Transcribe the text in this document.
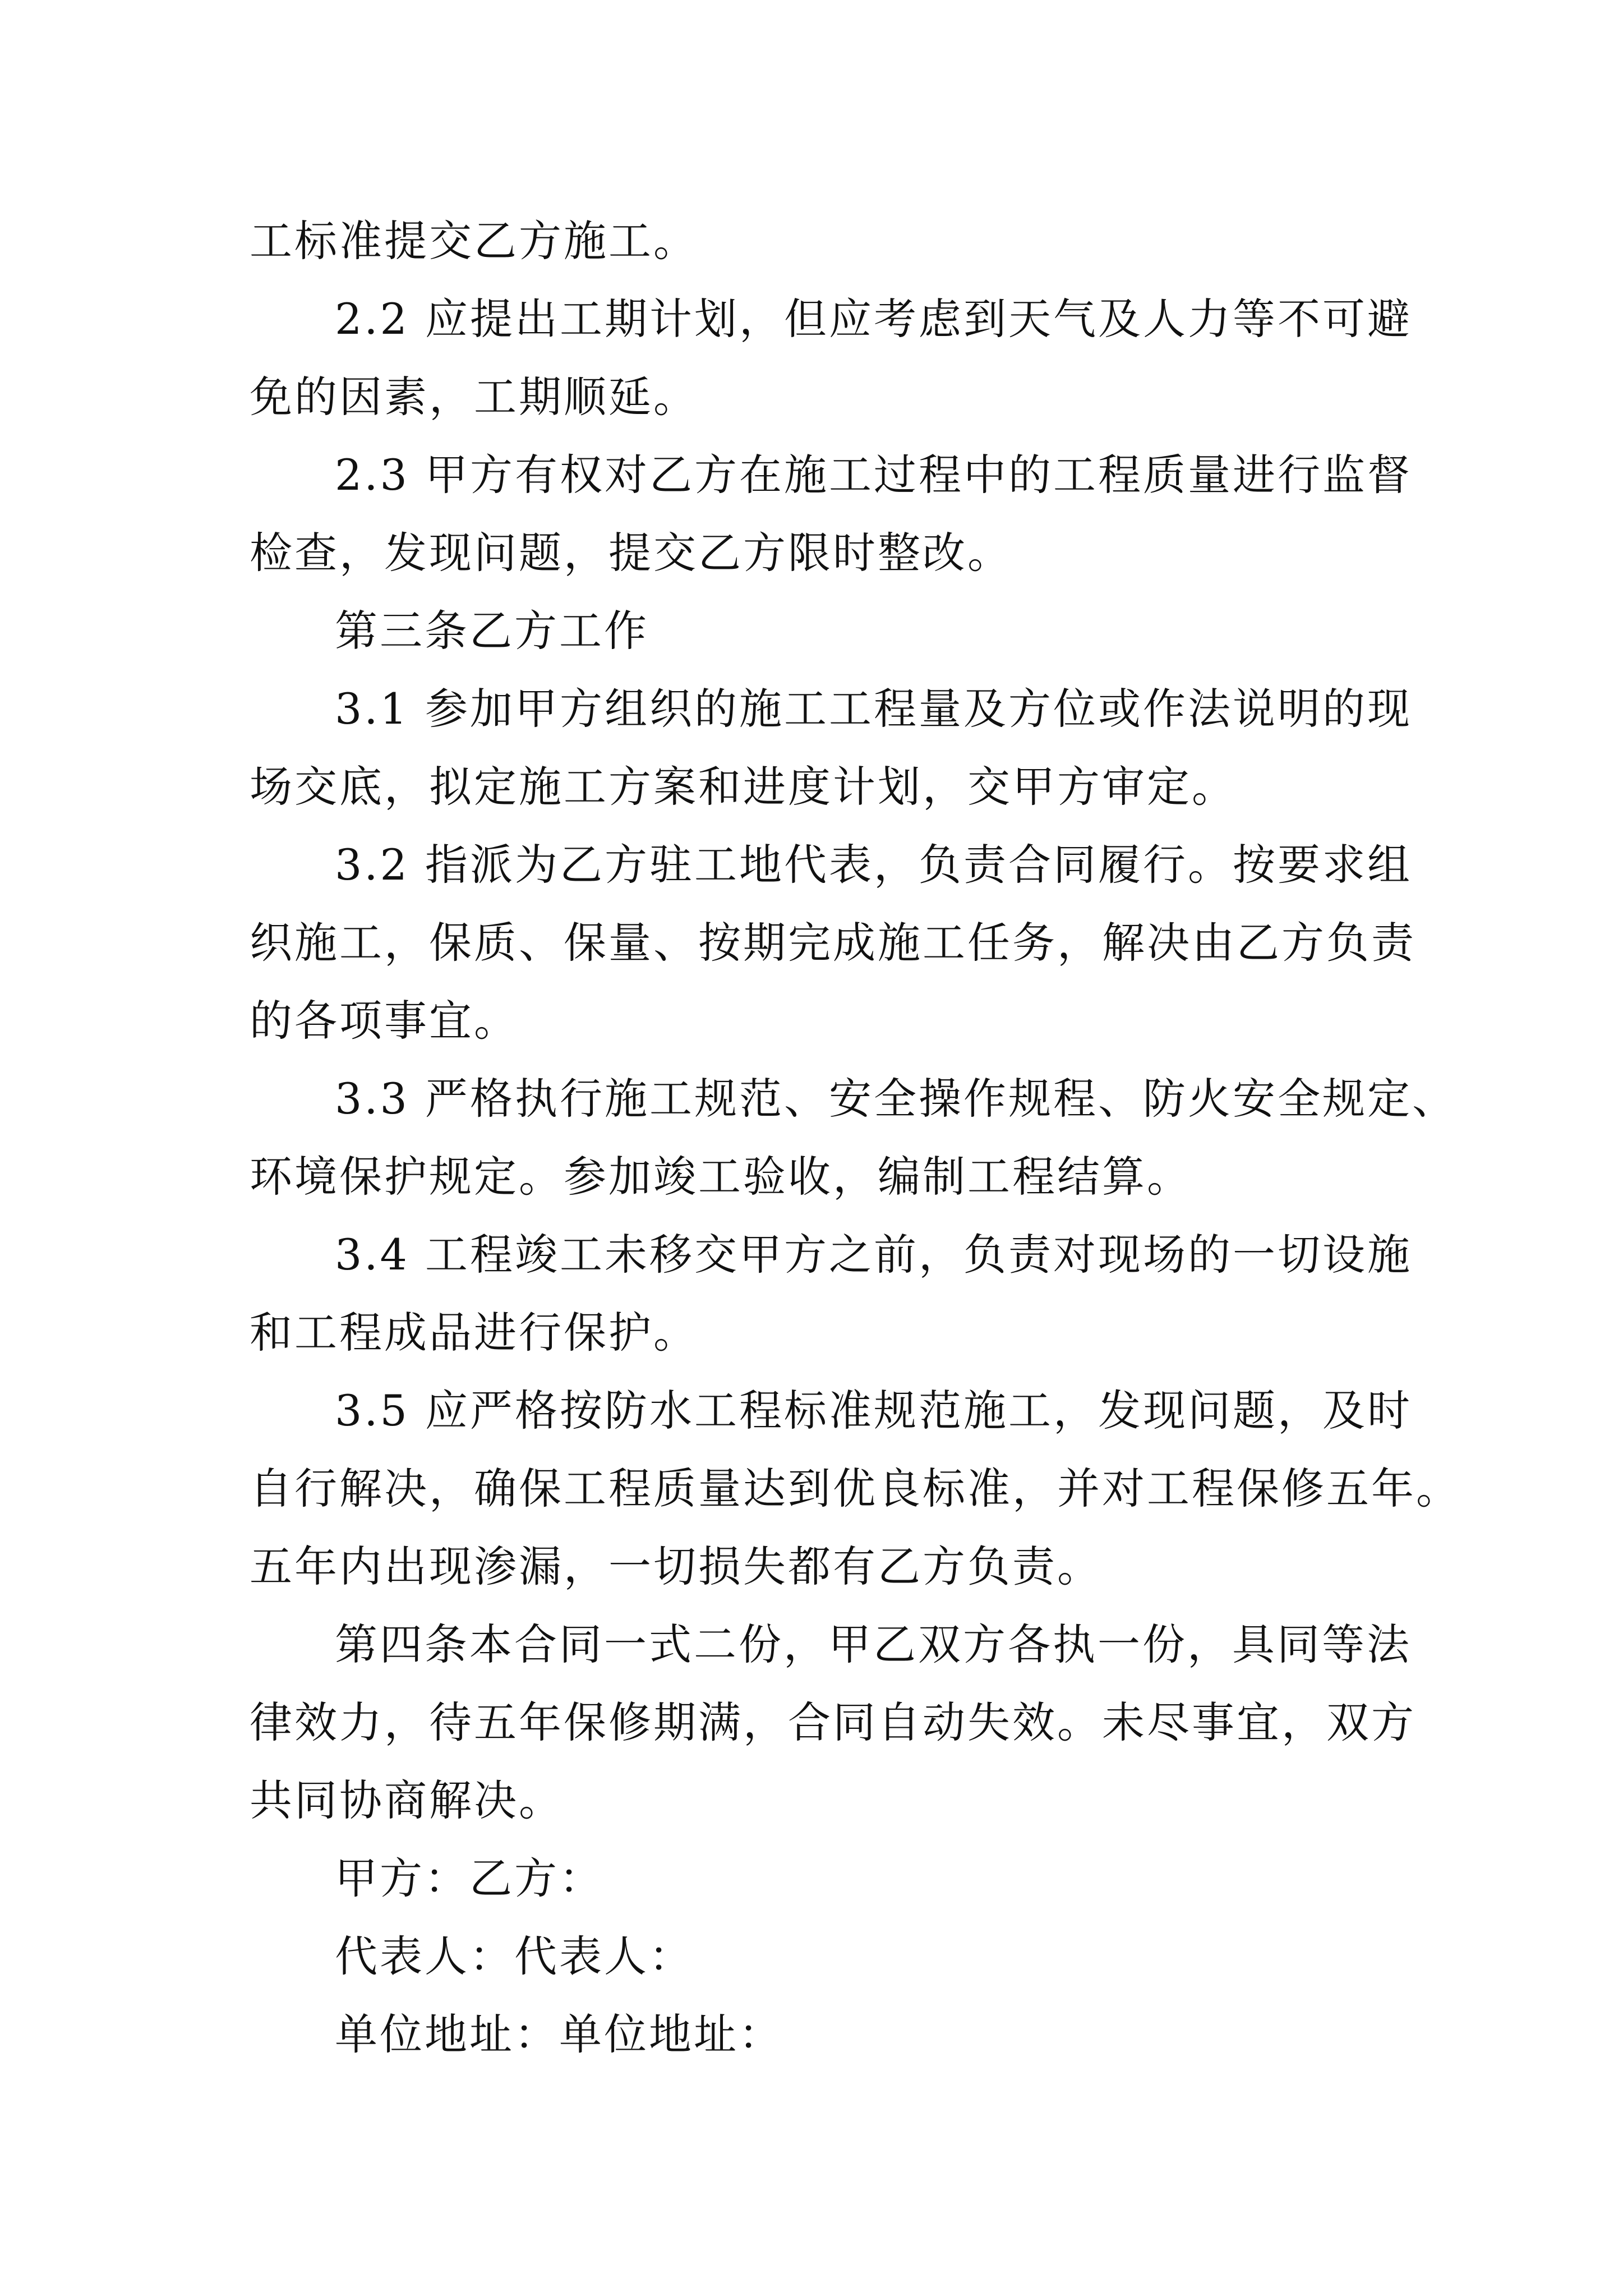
工标准提交乙方施工。
2.2 应提出工期计划，但应考虑到天气及人力等不可避
免的因素，工期顺延。
2.3 甲方有权对乙方在施工过程中的工程质量进行监督
检查，发现问题，提交乙方限时整改。
第三条乙方工作
3.1 参加甲方组织的施工工程量及方位或作法说明的现
场交底，拟定施工方案和进度计划，交甲方审定。
3.2 指派为乙方驻工地代表，负责合同履行。按要求组
织施工，保质、保量、按期完成施工任务，解决由乙方负责
的各项事宜。
3.3 严格执行施工规范、安全操作规程、防火安全规定、
环境保护规定。参加竣工验收，编制工程结算。
3.4 工程竣工未移交甲方之前，负责对现场的一切设施
和工程成品进行保护。
3.5 应严格按防水工程标准规范施工，发现问题，及时
自行解决，确保工程质量达到优良标准，并对工程保修五年。
五年内出现渗漏，一切损失都有乙方负责。
第四条本合同一式二份，甲乙双方各执一份，具同等法
律效力，待五年保修期满，合同自动失效。未尽事宜，双方
共同协商解决。
甲方：乙方：
代表人：代表人：
单位地址：单位地址：
